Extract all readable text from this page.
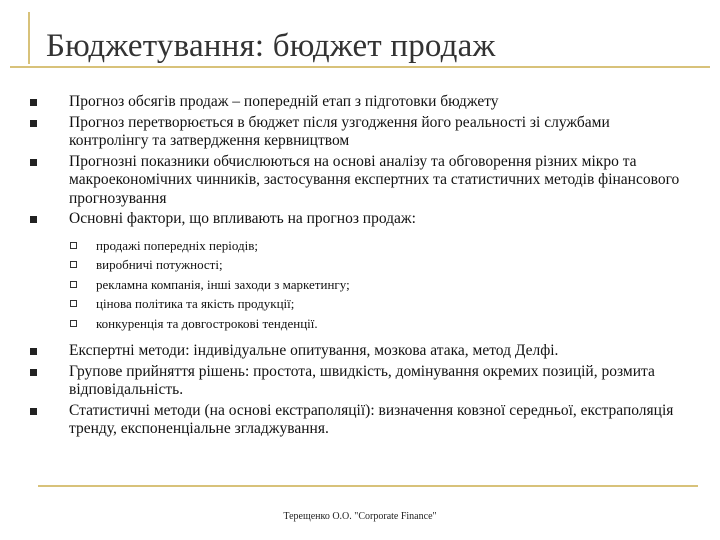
Бюджетування: бюджет продаж
Прогноз обсягів продаж – попередній етап з підготовки бюджету
Прогноз перетворюється в бюджет після узгодження його реальності зі службами контролінгу та затвердження кервництвом
Прогнозні показники обчислюються на основі аналізу та обговорення різних мікро та макроекономічних чинників, застосування експертних та статистичних методів фінансового прогнозування
Основні фактори, що впливають на прогноз продаж:
продажі попередніх періодів;
виробничі потужності;
рекламна компанія, інші заходи з маркетингу;
цінова політика та якість продукції;
конкуренція та довгострокові тенденції.
Експертні методи: індивідуальне опитування, мозкова атака, метод Делфі.
Групове прийняття рішень: простота, швидкість, домінування окремих позицій, розмита відповідальність.
Статистичні методи (на основі екстраполяції): визначення ковзної середньої, екстраполяція тренду, експоненціальне згладжування.
Терещенко О.О. "Corporate Finance"
